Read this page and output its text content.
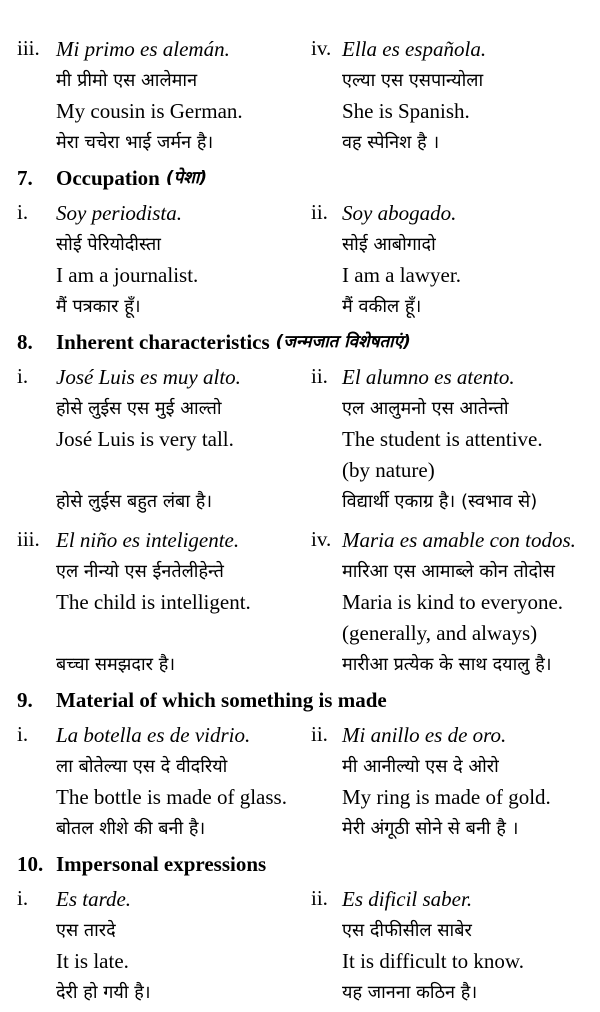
iii. Mi primo es alemán.
मी प्रीमो एस आलेमान
My cousin is German.
मेरा चचेरा भाई जर्मन है।
iv. Ella es española.
एल्या एस एसपान्योला
She is Spanish.
वह स्पेनिश है ।
7.	Occupation (पेशा)
i. Soy periodista.
सोई पेरियोदीस्ता
I am a journalist.
मैं पत्रकार हूँ।
ii. Soy abogado.
सोई आबोगादो
I am a lawyer.
मैं वकील हूँ।
8.	Inherent characteristics (जन्मजात विशेषताएं)
i. José Luis es muy alto.
होसे लुईस एस मुई आल्तो
José Luis is very tall.

होसे लुईस बहुत लंबा है।
ii. El alumno es atento.
एल आलुमनो एस आतेन्तो
The student is attentive.
(by nature)
विद्यार्थी एकाग्र है। (स्वभाव से)
iii. El niño es inteligente.
एल नीन्यो एस ईनतेलीहेन्ते
The child is intelligent.

बच्चा समझदार है।
iv. Maria es amable con todos.
मारिआ एस आमाब्ले कोन तोदोस
Maria is kind to everyone.
(generally, and always)
मारीआ प्रत्येक के साथ दयालु है।
9.	Material of which something is made
i. La botella es de vidrio.
ला बोतेल्या एस दे वीदरियो
The bottle is made of glass.
बोतल शीशे की बनी है।
ii. Mi anillo es de oro.
मी आनील्यो एस दे ओरो
My ring is made of gold.
मेरी अंगूठी सोने से बनी है ।
10. Impersonal expressions
i. Es tarde.
एस तारदे
It is late.
देरी हो गयी है।
ii. Es dificil saber.
एस दीफीसील साबेर
It is difficult to know.
यह जानना कठिन है।
